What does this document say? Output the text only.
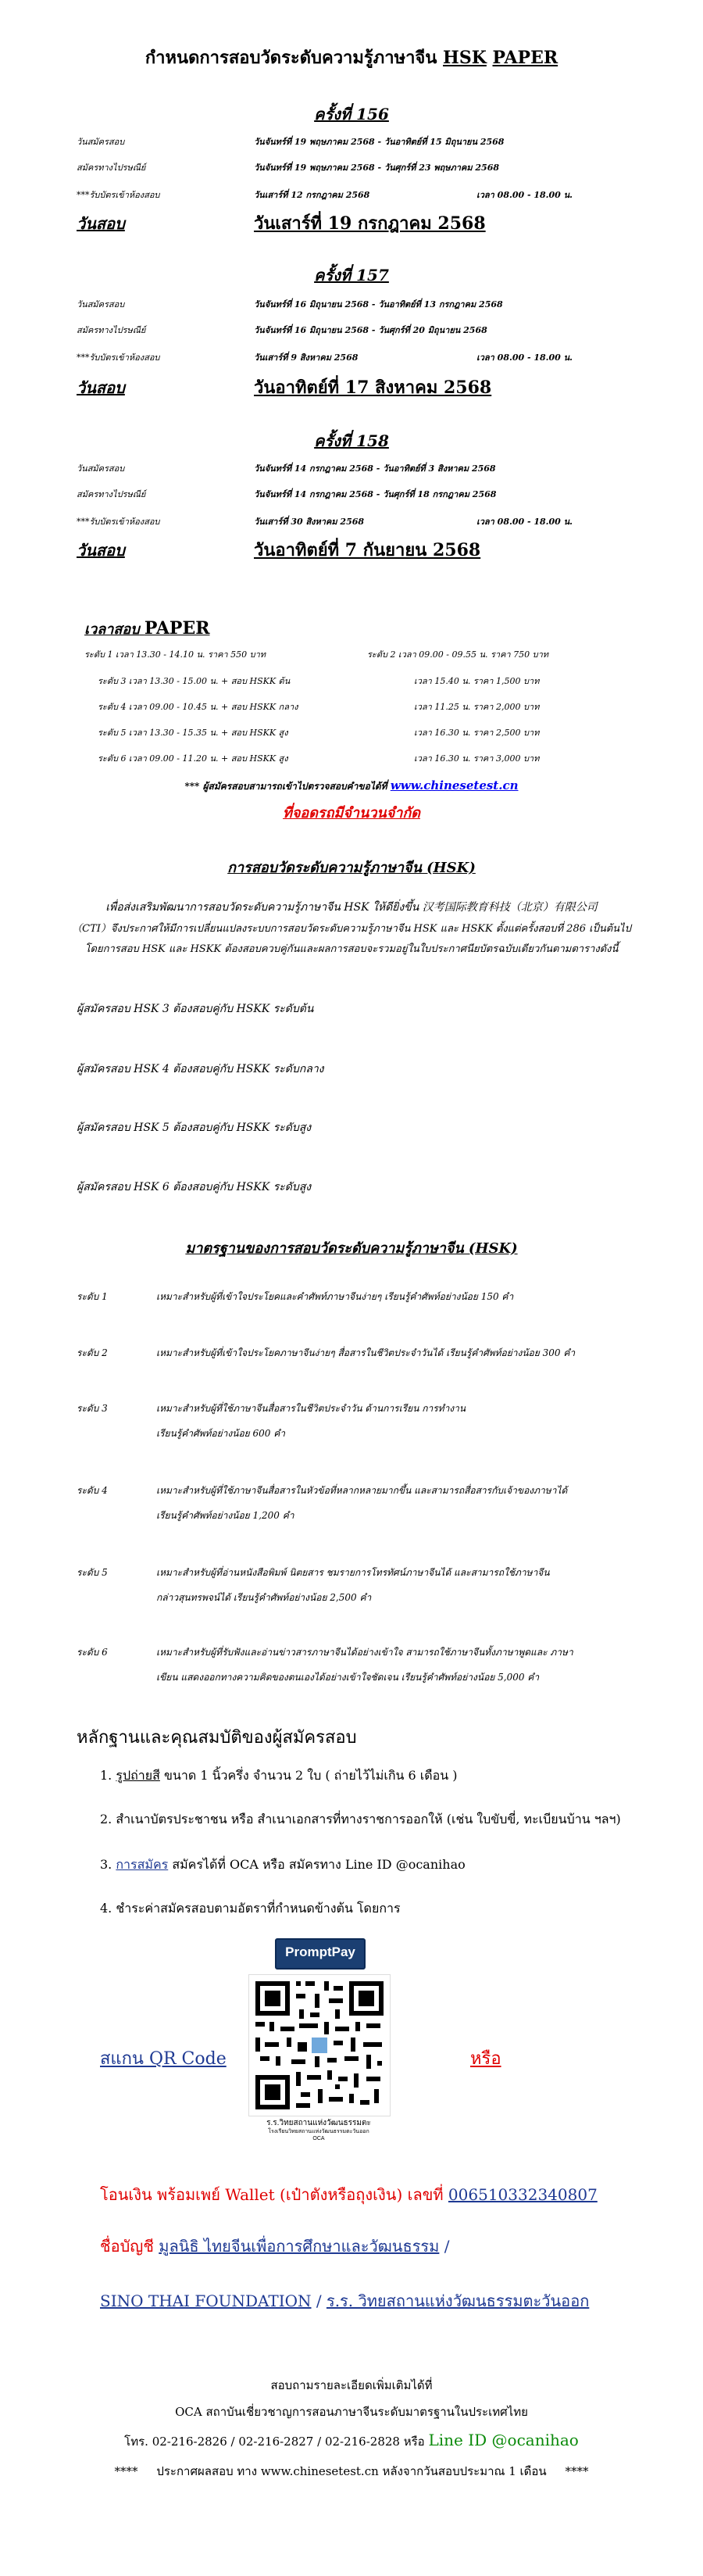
กำหนดการสอบวัดระดับความรู้ภาษาจีน HSK PAPER
ครั้งที่ 156
วันสมัครสอบ	วันจันทร์ที่ 19 พฤษภาคม 2568 - วันอาทิตย์ที่ 15 มิถุนายน 2568
สมัครทางไปรษณีย์	วันจันทร์ที่ 19 พฤษภาคม 2568 - วันศุกร์ที่ 23 พฤษภาคม 2568
***รับบัตรเข้าห้องสอบ	วันเสาร์ที่ 12 กรกฎาคม 2568	เวลา 08.00 - 18.00 น.
วันสอบ	วันเสาร์ที่ 19 กรกฎาคม 2568
ครั้งที่ 157
วันสมัครสอบ	วันจันทร์ที่ 16 มิถุนายน 2568 - วันอาทิตย์ที่ 13 กรกฎาคม 2568
สมัครทางไปรษณีย์	วันจันทร์ที่ 16 มิถุนายน 2568 - วันศุกร์ที่ 20 มิถุนายน 2568
***รับบัตรเข้าห้องสอบ	วันเสาร์ที่ 9 สิงหาคม 2568	เวลา 08.00 - 18.00 น.
วันสอบ	วันอาทิตย์ที่ 17 สิงหาคม 2568
ครั้งที่ 158
วันสมัครสอบ	วันจันทร์ที่ 14 กรกฎาคม 2568 - วันอาทิตย์ที่ 3 สิงหาคม 2568
สมัครทางไปรษณีย์	วันจันทร์ที่ 14 กรกฎาคม 2568 - วันศุกร์ที่ 18 กรกฎาคม 2568
***รับบัตรเข้าห้องสอบ	วันเสาร์ที่ 30 สิงหาคม 2568	เวลา 08.00 - 18.00 น.
วันสอบ	วันอาทิตย์ที่ 7 กันยายน 2568
เวลาสอบ PAPER
ระดับ 1 เวลา 13.30 - 14.10 น. ราคา 550 บาท	ระดับ 2 เวลา 09.00 - 09.55 น. ราคา 750 บาท
ระดับ 3 เวลา 13.30 - 15.00 น. + สอบ HSKK ต้น	เวลา 15.40 น. ราคา 1,500 บาท
ระดับ 4 เวลา 09.00 - 10.45 น. + สอบ HSKK กลาง	เวลา 11.25 น. ราคา 2,000 บาท
ระดับ 5 เวลา 13.30 - 15.35 น. + สอบ HSKK สูง	เวลา 16.30 น. ราคา 2,500 บาท
ระดับ 6 เวลา 09.00 - 11.20 น. + สอบ HSKK สูง	เวลา 16.30 น. ราคา 3,000 บาท
*** ผู้สมัครสอบสามารถเข้าไปตรวจสอบคำขอได้ที่ www.chinesetest.cn
ที่จอดรถมีจำนวนจำกัด
การสอบวัดระดับความรู้ภาษาจีน (HSK)
เพื่อส่งเสริมพัฒนาการสอบวัดระดับความรู้ภาษาจีน HSK ให้ดียิ่งขึ้น 汉考国际教育科技（北京）有限公司
（CTI）จึงประกาศให้มีการเปลี่ยนแปลงระบบการสอบวัดระดับความรู้ภาษาจีน HSK และ HSKK ตั้งแต่ครั้งสอบที่ 286 เป็นต้นไป
โดยการสอบ HSK และ HSKK ต้องสอบควบคู่กันและผลการสอบจะรวมอยู่ในใบประกาศนียบัตรฉบับเดียวกันตามตารางดังนี้
ผู้สมัครสอบ HSK 3 ต้องสอบคู่กับ HSKK ระดับต้น
ผู้สมัครสอบ HSK 4 ต้องสอบคู่กับ HSKK ระดับกลาง
ผู้สมัครสอบ HSK 5 ต้องสอบคู่กับ HSKK ระดับสูง
ผู้สมัครสอบ HSK 6 ต้องสอบคู่กับ HSKK ระดับสูง
มาตรฐานของการสอบวัดระดับความรู้ภาษาจีน (HSK)
ระดับ 1	เหมาะสำหรับผู้ที่เข้าใจประโยคและคำศัพท์ภาษาจีนง่ายๆ เรียนรู้คำศัพท์อย่างน้อย 150 คำ
ระดับ 2	เหมาะสำหรับผู้ที่เข้าใจประโยคภาษาจีนง่ายๆ สื่อสารในชีวิตประจำวันได้ เรียนรู้คำศัพท์อย่างน้อย 300 คำ
ระดับ 3	เหมาะสำหรับผู้ที่ใช้ภาษาจีนสื่อสารในชีวิตประจำวัน ด้านการเรียน การทำงาน
เรียนรู้คำศัพท์อย่างน้อย 600 คำ
ระดับ 4	เหมาะสำหรับผู้ที่ใช้ภาษาจีนสื่อสารในหัวข้อที่หลากหลายมากขึ้น และสามารถสื่อสารกับเจ้าของภาษาได้
เรียนรู้คำศัพท์อย่างน้อย 1,200 คำ
ระดับ 5	เหมาะสำหรับผู้ที่อ่านหนังสือพิมพ์ นิตยสาร ชมรายการโทรทัศน์ภาษาจีนได้ และสามารถใช้ภาษาจีน
กล่าวสุนทรพจน์ได้ เรียนรู้คำศัพท์อย่างน้อย 2,500 คำ
ระดับ 6	เหมาะสำหรับผู้ที่รับฟังและอ่านข่าวสารภาษาจีนได้อย่างเข้าใจ สามารถใช้ภาษาจีนทั้งภาษาพูดและ ภาษา
เขียน แสดงออกทางความคิดของตนเองได้อย่างเข้าใจชัดเจน เรียนรู้คำศัพท์อย่างน้อย 5,000 คำ
หลักฐานและคุณสมบัติของผู้สมัครสอบ
1. รูปถ่ายสี ขนาด 1 นิ้วครึ่ง จำนวน 2 ใบ ( ถ่ายไว้ไม่เกิน 6 เดือน )
2. สำเนาบัตรประชาชน หรือ สำเนาเอกสารที่ทางราชการออกให้ (เช่น ใบขับขี่, ทะเบียนบ้าน ฯลฯ)
3. การสมัคร สมัครได้ที่ OCA หรือ สมัครทาง Line ID @ocanihao
4. ชำระค่าสมัครสอบตามอัตราที่กำหนดข้างต้น โดยการ
PromptPay
ร.ร.วิทยสถานแห่งวัฒนธรรมตะ
โรงเรียนวิทยสถานแห่งวัฒนธรรมตะวันออก
OCA
สแกน QR Code	หรือ
โอนเงิน พร้อมเพย์ Wallet (เป๋าตังหรือถุงเงิน) เลขที่ 006510332340807
ชื่อบัญชี มูลนิธิ ไทยจีนเพื่อการศึกษาและวัฒนธรรม /
SINO THAI FOUNDATION / ร.ร. วิทยสถานแห่งวัฒนธรรมตะวันออก
สอบถามรายละเอียดเพิ่มเติมได้ที่
OCA สถาบันเชี่ยวชาญการสอนภาษาจีนระดับมาตรฐานในประเทศไทย
โทร. 02-216-2826 / 02-216-2827 / 02-216-2828 หรือ Line ID @ocanihao
**** ประกาศผลสอบ ทาง www.chinesetest.cn หลังจากวันสอบประมาณ 1 เดือน ****
